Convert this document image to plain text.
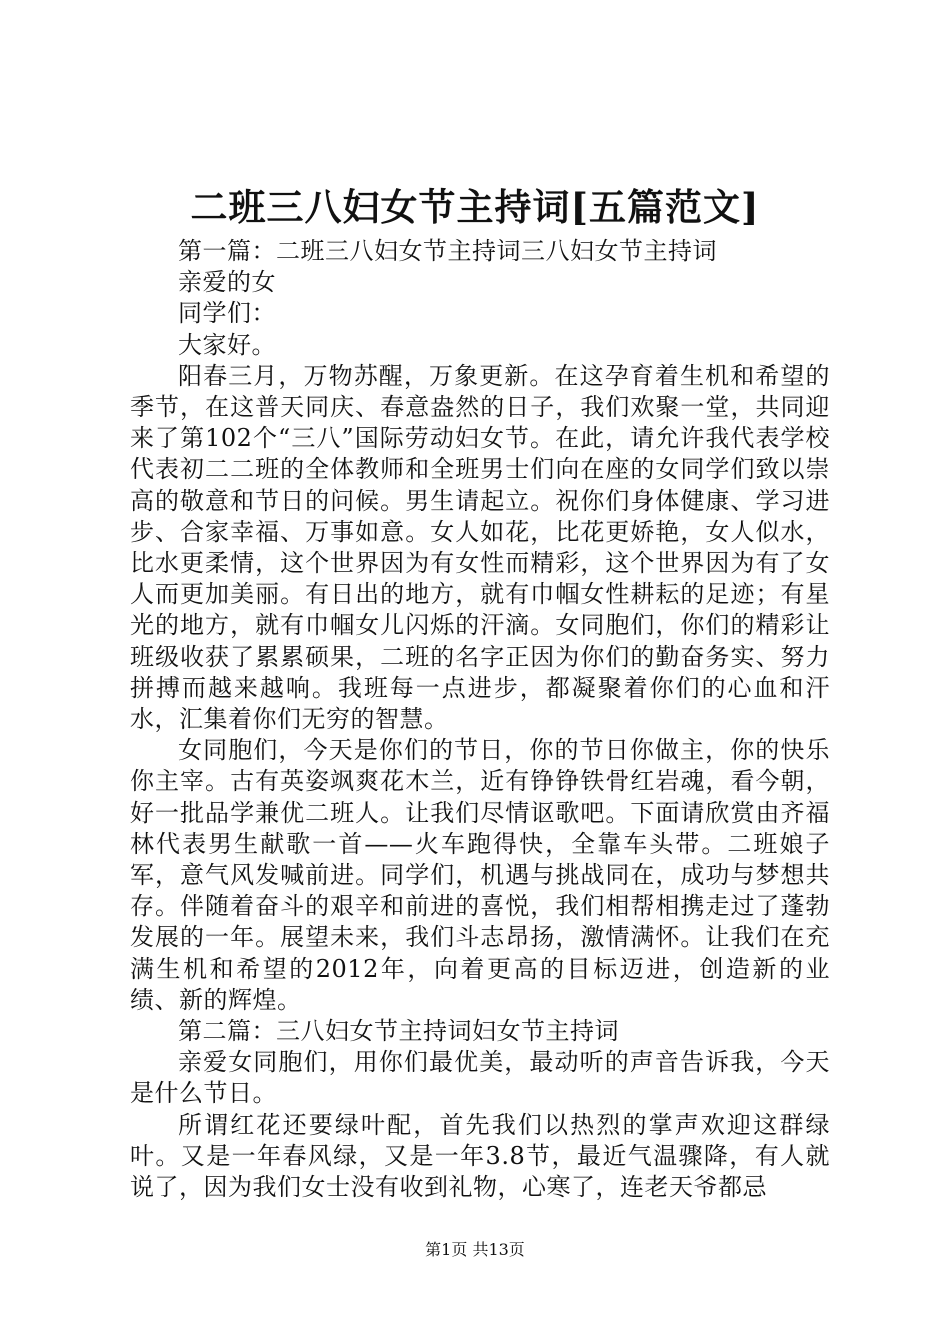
二班三八妇女节主持词[五篇范文]

第一篇：二班三八妇女节主持词三八妇女节主持词

亲爱的女

同学们：

大家好。

阳春三月，万物苏醒，万象更新。在这孕育着生机和希望的季节，在这普天同庆、春意盎然的日子，我们欢聚一堂，共同迎来了第102个“三八”国际劳动妇女节。在此，请允许我代表学校代表初二二班的全体教师和全班男士们向在座的女同学们致以崇高的敬意和节日的问候。男生请起立。祝你们身体健康、学习进步、合家幸福、万事如意。女人如花，比花更娇艳，女人似水，比水更柔情，这个世界因为有女性而精彩，这个世界因为有了女人而更加美丽。有日出的地方，就有巾帼女性耕耘的足迹；有星光的地方，就有巾帼女儿闪烁的汗滴。女同胞们，你们的精彩让班级收获了累累硕果，二班的名字正因为你们的勤奋务实、努力拼搏而越来越响。我班每一点进步，都凝聚着你们的心血和汗水，汇集着你们无穷的智慧。

女同胞们，今天是你们的节日，你的节日你做主，你的快乐你主宰。古有英姿飒爽花木兰，近有铮铮铁骨红岩魂，看今朝，好一批品学兼优二班人。让我们尽情讴歌吧。下面请欣赏由齐福林代表男生献歌一首——火车跑得快，全靠车头带。二班娘子军，意气风发喊前进。同学们，机遇与挑战同在，成功与梦想共存。伴随着奋斗的艰辛和前进的喜悦，我们相帮相携走过了蓬勃发展的一年。展望未来，我们斗志昂扬，激情满怀。让我们在充满生机和希望的2012年，向着更高的目标迈进，创造新的业绩、新的辉煌。

第二篇：三八妇女节主持词妇女节主持词

亲爱女同胞们，用你们最优美，最动听的声音告诉我，今天是什么节日。

所谓红花还要绿叶配，首先我们以热烈的掌声欢迎这群绿叶。又是一年春风绿，又是一年3.8节，最近气温骤降，有人就说了，因为我们女士没有收到礼物，心寒了，连老天爷都忌

第1页 共13页
